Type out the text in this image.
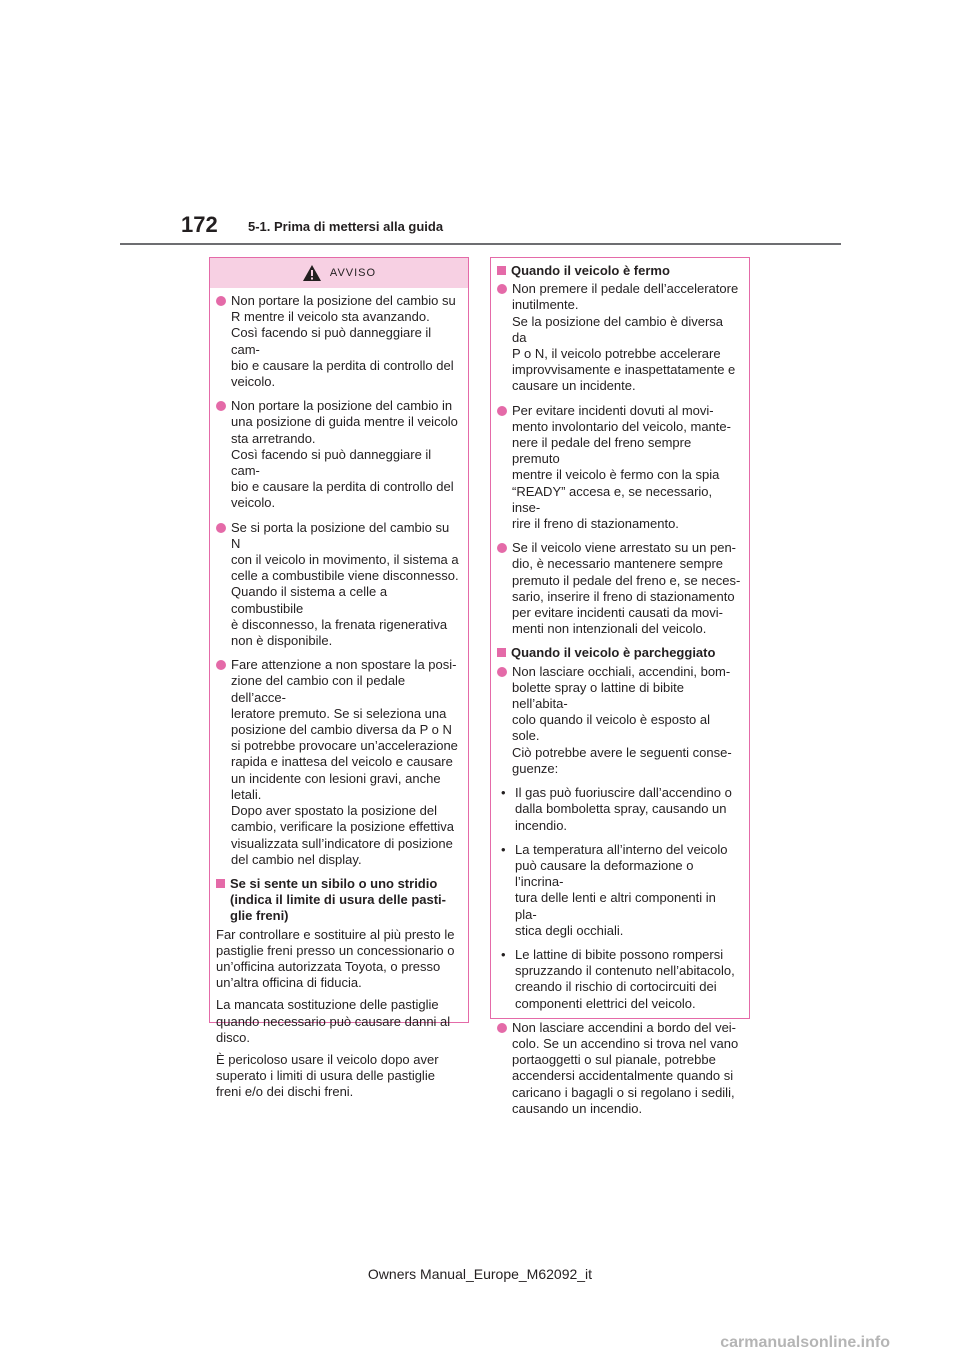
172 5-1. Prima di mettersi alla guida
AVVISO
Non portare la posizione del cambio su
R mentre il veicolo sta avanzando.
Così facendo si può danneggiare il cam-
bio e causare la perdita di controllo del
veicolo.
Non portare la posizione del cambio in
una posizione di guida mentre il veicolo
sta arretrando.
Così facendo si può danneggiare il cam-
bio e causare la perdita di controllo del
veicolo.
Se si porta la posizione del cambio su N
con il veicolo in movimento, il sistema a
celle a combustibile viene disconnesso.
Quando il sistema a celle a combustibile
è disconnesso, la frenata rigenerativa
non è disponibile.
Fare attenzione a non spostare la posi-
zione del cambio con il pedale dell’acce-
leratore premuto. Se si seleziona una
posizione del cambio diversa da P o N
si potrebbe provocare un’accelerazione
rapida e inattesa del veicolo e causare
un incidente con lesioni gravi, anche
letali.
Dopo aver spostato la posizione del
cambio, verificare la posizione effettiva
visualizzata sull’indicatore di posizione
del cambio nel display.
Se si sente un sibilo o uno stridio
(indica il limite di usura delle pasti-
glie freni)
Far controllare e sostituire al più presto le
pastiglie freni presso un concessionario o
un’officina autorizzata Toyota, o presso
un’altra officina di fiducia.
La mancata sostituzione delle pastiglie
quando necessario può causare danni al
disco.
È pericoloso usare il veicolo dopo aver
superato i limiti di usura delle pastiglie
freni e/o dei dischi freni.
Quando il veicolo è fermo
Non premere il pedale dell’acceleratore
inutilmente.
Se la posizione del cambio è diversa da
P o N, il veicolo potrebbe accelerare
improvvisamente e inaspettatamente e
causare un incidente.
Per evitare incidenti dovuti al movi-
mento involontario del veicolo, mante-
nere il pedale del freno sempre premuto
mentre il veicolo è fermo con la spia
“READY” accesa e, se necessario, inse-
rire il freno di stazionamento.
Se il veicolo viene arrestato su un pen-
dio, è necessario mantenere sempre
premuto il pedale del freno e, se neces-
sario, inserire il freno di stazionamento
per evitare incidenti causati da movi-
menti non intenzionali del veicolo.
Quando il veicolo è parcheggiato
Non lasciare occhiali, accendini, bom-
bolette spray o lattine di bibite nell’abita-
colo quando il veicolo è esposto al sole.
Ciò potrebbe avere le seguenti conse-
guenze:
• Il gas può fuoriuscire dall’accendino o
dalla bomboletta spray, causando un
incendio.
• La temperatura all’interno del veicolo
può causare la deformazione o l’incrina-
tura delle lenti e altri componenti in pla-
stica degli occhiali.
• Le lattine di bibite possono rompersi
spruzzando il contenuto nell’abitacolo,
creando il rischio di cortocircuiti dei
componenti elettrici del veicolo.
Non lasciare accendini a bordo del vei-
colo. Se un accendino si trova nel vano
portaoggetti o sul pianale, potrebbe
accendersi accidentalmente quando si
caricano i bagagli o si regolano i sedili,
causando un incendio.
Owners Manual_Europe_M62092_it
carmanualsonline.info
